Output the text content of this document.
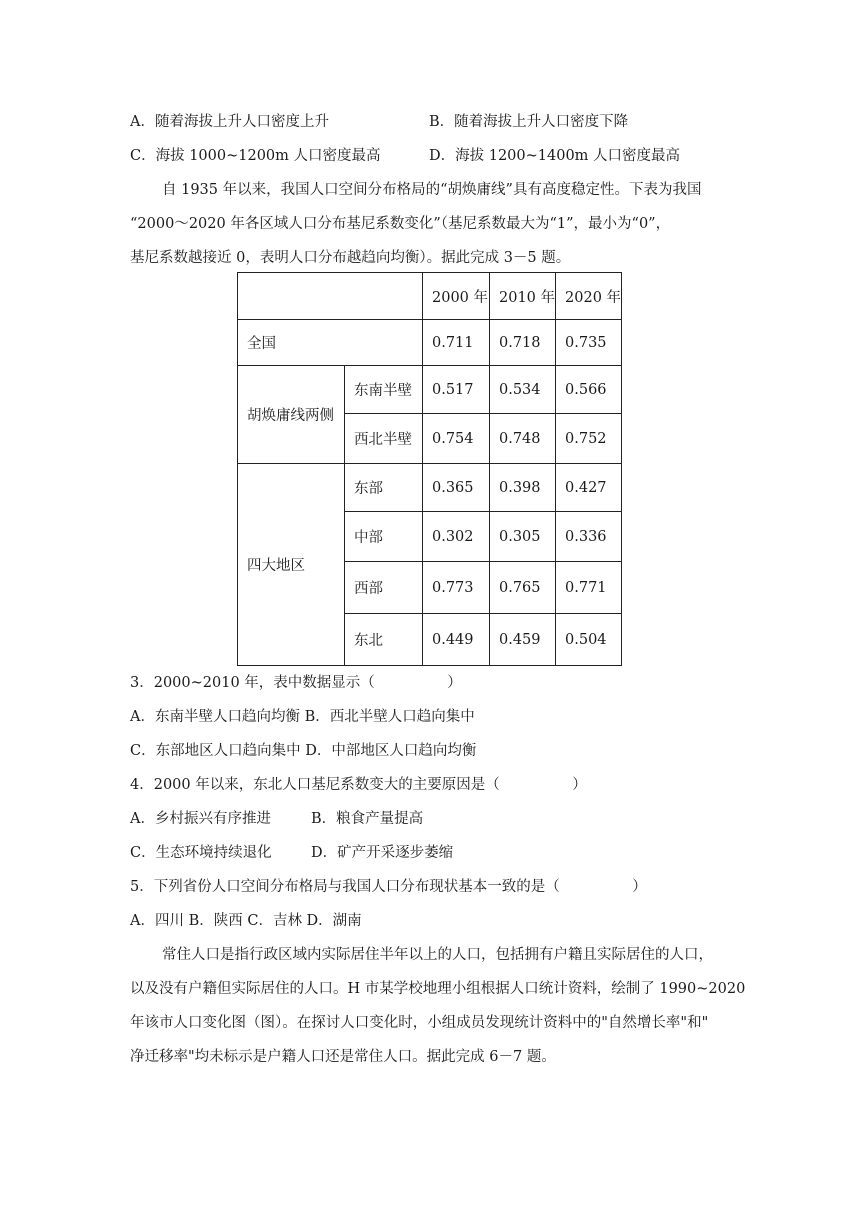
A．随着海拔上升人口密度上升	B．随着海拔上升人口密度下降
C．海拔 1000~1200m 人口密度最高	D．海拔 1200~1400m 人口密度最高
自 1935 年以来，我国人口空间分布格局的“胡焕庸线”具有高度稳定性。下表为我国
“2000～2020 年各区域人口分布基尼系数变化”（基尼系数最大为“1”，最小为“0”，
基尼系数越接近 0，表明人口分布越趋向均衡）。据此完成 3－5 题。
		2000 年	2010 年	2020 年
全国		0.711	0.718	0.735
胡焕庸线两侧	东南半壁	0.517	0.534	0.566
	西北半壁	0.754	0.748	0.752
四大地区	东部	0.365	0.398	0.427
	中部	0.302	0.305	0.336
	西部	0.773	0.765	0.771
	东北	0.449	0.459	0.504
3．2000~2010 年，表中数据显示（　　　　　）
A．东南半壁人口趋向均衡 B．西北半壁人口趋向集中
C．东部地区人口趋向集中 D．中部地区人口趋向均衡
4．2000 年以来，东北人口基尼系数变大的主要原因是（　　　　　）
A．乡村振兴有序推进	B．粮食产量提高
C．生态环境持续退化	D．矿产开采逐步萎缩
5．下列省份人口空间分布格局与我国人口分布现状基本一致的是（　　　　　）
A．四川 B．陕西 C．吉林 D．湖南
常住人口是指行政区域内实际居住半年以上的人口，包括拥有户籍且实际居住的人口，
以及没有户籍但实际居住的人口。H 市某学校地理小组根据人口统计资料，绘制了 1990~2020
年该市人口变化图（图）。在探讨人口变化时，小组成员发现统计资料中的"自然增长率"和"
净迁移率"均未标示是户籍人口还是常住人口。据此完成 6－7 题。
